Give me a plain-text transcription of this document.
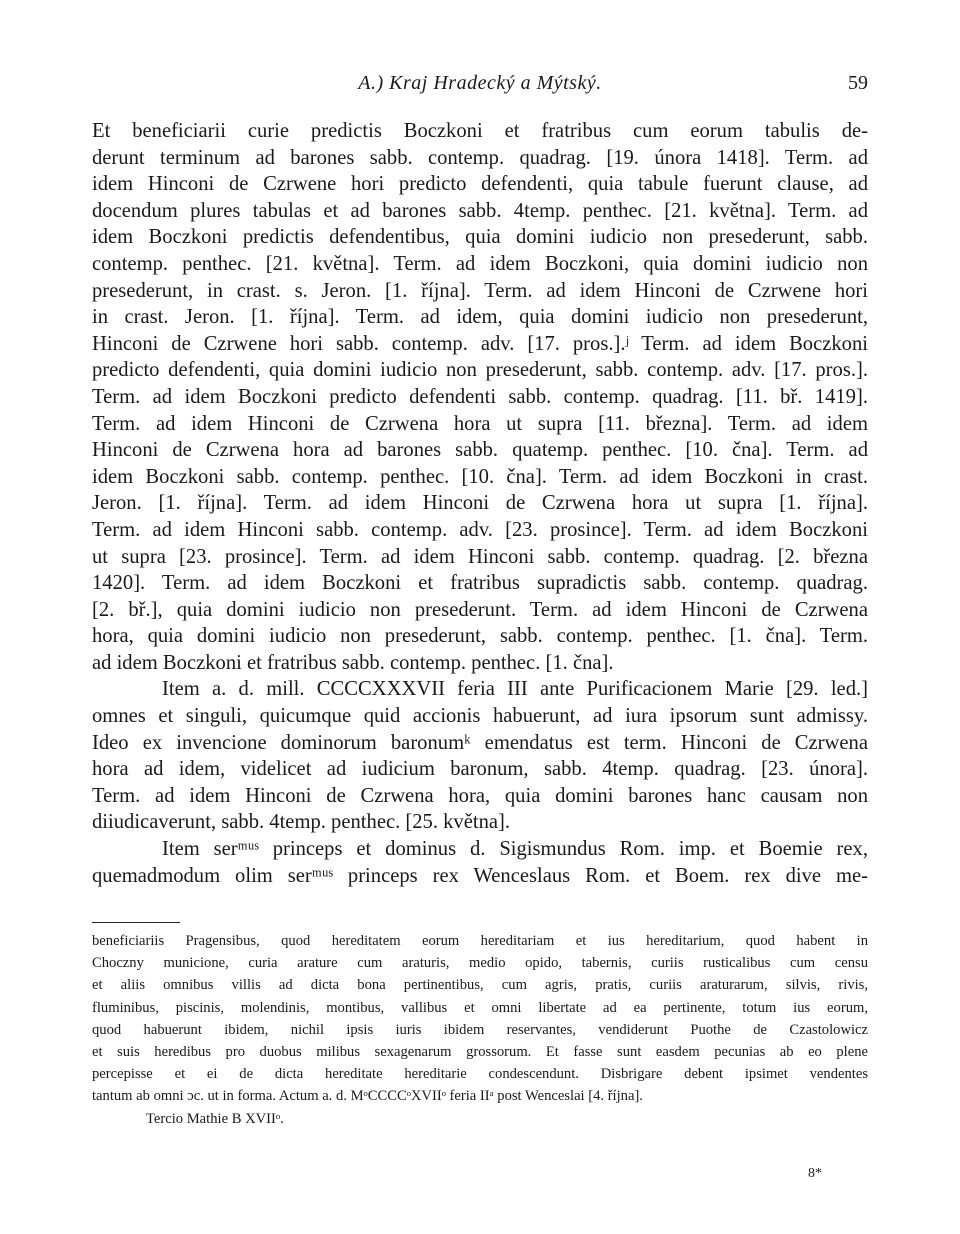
A.) Kraj Hradecký a Mýtský.	59
Et beneficiarii curie predictis Boczkoni et fratribus cum eorum tabulis de-
derunt terminum ad barones sabb. contemp. quadrag. [19. února 1418]. Term. ad
idem Hinconi de Czrwene hori predicto defendenti, quia tabule fuerunt clause, ad
docendum plures tabulas et ad barones sabb. 4temp. penthec. [21. května]. Term. ad
idem Boczkoni predictis defendentibus, quia domini iudicio non presederunt, sabb.
contemp. penthec. [21. května]. Term. ad idem Boczkoni, quia domini iudicio non
presederunt, in crast. s. Jeron. [1. října]. Term. ad idem Hinconi de Czrwene hori
in crast. Jeron. [1. října]. Term. ad idem, quia domini iudicio non presederunt,
Hinconi de Czrwene hori sabb. contemp. adv. [17. pros.].ʲ Term. ad idem Boczkoni
predicto defendenti, quia domini iudicio non presederunt, sabb. contemp. adv. [17. pros.].
Term. ad idem Boczkoni predicto defendenti sabb. contemp. quadrag. [11. bř. 1419].
Term. ad idem Hinconi de Czrwena hora ut supra [11. března]. Term. ad idem
Hinconi de Czrwena hora ad barones sabb. quatemp. penthec. [10. čna]. Term. ad
idem Boczkoni sabb. contemp. penthec. [10. čna]. Term. ad idem Boczkoni in crast.
Jeron. [1. října]. Term. ad idem Hinconi de Czrwena hora ut supra [1. října].
Term. ad idem Hinconi sabb. contemp. adv. [23. prosince]. Term. ad idem Boczkoni
ut supra [23. prosince]. Term. ad idem Hinconi sabb. contemp. quadrag. [2. března
1420]. Term. ad idem Boczkoni et fratribus supradictis sabb. contemp. quadrag.
[2. bř.], quia domini iudicio non presederunt. Term. ad idem Hinconi de Czrwena
hora, quia domini iudicio non presederunt, sabb. contemp. penthec. [1. čna]. Term.
ad idem Boczkoni et fratribus sabb. contemp. penthec. [1. čna].
Item a. d. mill. CCCCXXXVII feria III ante Purificacionem Marie [29. led.]
omnes et singuli, quicumque quid accionis habuerunt, ad iura ipsorum sunt admissy.
Ideo ex invencione dominorum baronumᵏ emendatus est term. Hinconi de Czrwena
hora ad idem, videlicet ad iudicium baronum, sabb. 4temp. quadrag. [23. února].
Term. ad idem Hinconi de Czrwena hora, quia domini barones hanc causam non
diiudicaverunt, sabb. 4temp. penthec. [25. května].
Item serᵐᵘˢ princeps et dominus d. Sigismundus Rom. imp. et Boemie rex,
quemadmodum olim serᵐᵘˢ princeps rex Wenceslaus Rom. et Boem. rex dive me-
beneficiariis Pragensibus, quod hereditatem eorum hereditariam et ius hereditarium, quod habent in
Choczny municione, curia arature cum araturis, medio opido, tabernis, curiis rusticalibus cum censu
et aliis omnibus villis ad dicta bona pertinentibus, cum agris, pratis, curiis araturarum, silvis, rivis,
fluminibus, piscinis, molendinis, montibus, vallibus et omni libertate ad ea pertinente, totum ius eorum,
quod habuerunt ibidem, nichil ipsis iuris ibidem reservantes, vendiderunt Puothe de Czastolowicz
et suis heredibus pro duobus milibus sexagenarum grossorum. Et fasse sunt easdem pecunias ab eo plene
percepisse et ei de dicta hereditate hereditarie condescendunt. Disbrigare debent ipsimet vendentes
tantum ab omni ɔc. ut in forma. Actum a. d. MᵒCCCCᵒXVIIᵒ feria IIᵃ post Wenceslai [4. října].
Tercio Mathie B XVIIᵒ.
8*
